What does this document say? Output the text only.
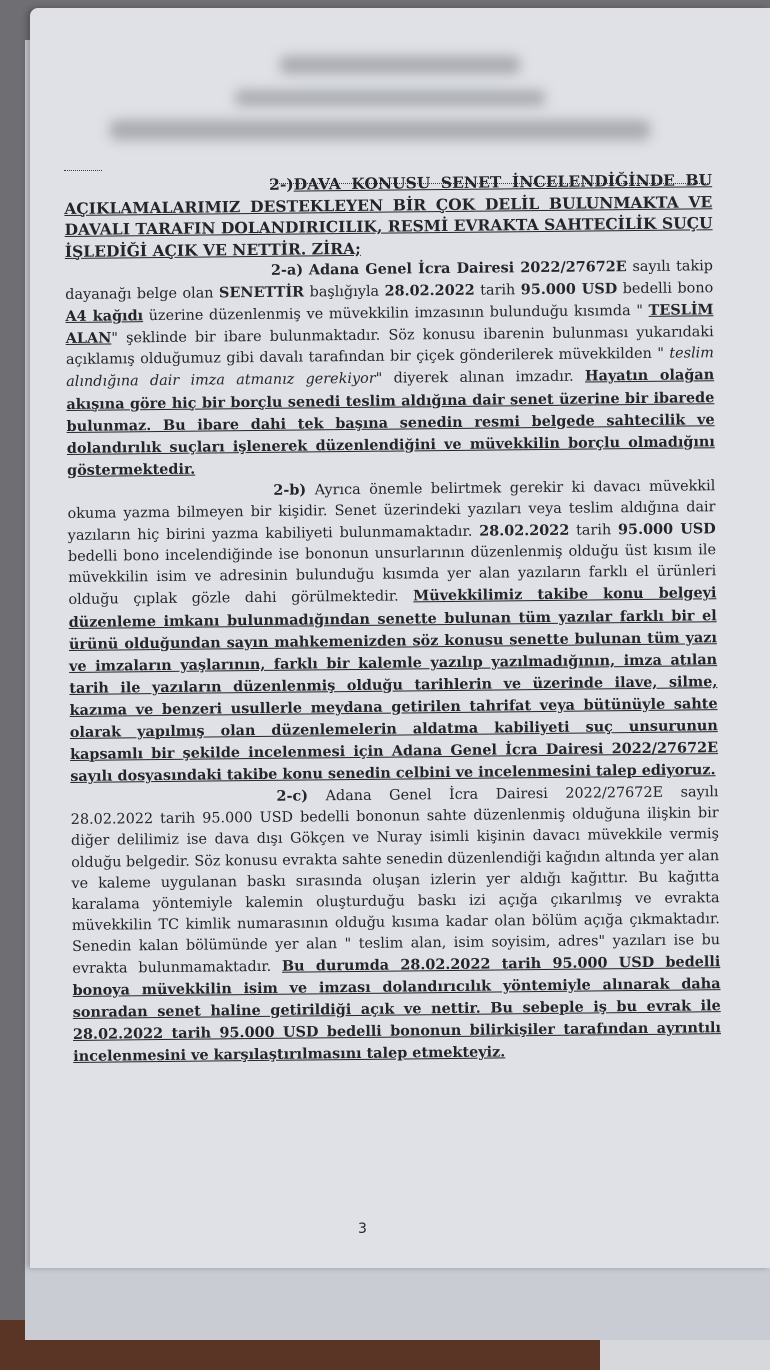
2-)DAVA KONUSU SENET İNCELENDİĞİNDE BU AÇIKLAMALARIMIZ DESTEKLEYEN BİR ÇOK DELİL BULUNMAKTA VE DAVALI TARAFIN DOLANDIRICILIK, RESMİ EVRAKTA SAHTECİLİK SUÇU İŞLEDİĞİ AÇIK VE NETTİR. ZİRA;

2-a) Adana Genel İcra Dairesi 2022/27672E sayılı takip dayanağı belge olan SENETTİR başlığıyla 28.02.2022 tarih 95.000 USD bedelli bono A4 kağıdı üzerine düzenlenmiş ve müvekkilin imzasının bulunduğu kısımda " TESLİM ALAN" şeklinde bir ibare bulunmaktadır. Söz konusu ibarenin bulunması yukarıdaki açıklamış olduğumuz gibi davalı tarafından bir çiçek gönderilerek müvekkilden " teslim alındığına dair imza atmanız gerekiyor" diyerek alınan imzadır. Hayatın olağan akışına göre hiç bir borçlu senedi teslim aldığına dair senet üzerine bir ibarede bulunmaz. Bu ibare dahi tek başına senedin resmi belgede sahtecilik ve dolandırılık suçları işlenerek düzenlendiğini ve müvekkilin borçlu olmadığını göstermektedir.

2-b) Ayrıca önemle belirtmek gerekir ki davacı müvekkil okuma yazma bilmeyen bir kişidir. Senet üzerindeki yazıları veya teslim aldığına dair yazıların hiç birini yazma kabiliyeti bulunmamaktadır. 28.02.2022 tarih 95.000 USD bedelli bono incelendiğinde ise bononun unsurlarının düzenlenmiş olduğu üst kısım ile müvekkilin isim ve adresinin bulunduğu kısımda yer alan yazıların farklı el ürünleri olduğu çıplak gözle dahi görülmektedir. Müvekkilimiz takibe konu belgeyi düzenleme imkanı bulunmadığından senette bulunan tüm yazılar farklı bir el ürünü olduğundan sayın mahkemenizden söz konusu senette bulunan tüm yazı ve imzaların yaşlarının, farklı bir kalemle yazılıp yazılmadığının, imza atılan tarih ile yazıların düzenlenmiş olduğu tarihlerin ve üzerinde ilave, silme, kazıma ve benzeri usullerle meydana getirilen tahrifat veya bütünüyle sahte olarak yapılmış olan düzenlemelerin aldatma kabiliyeti suç unsurunun kapsamlı bir şekilde incelenmesi için Adana Genel İcra Dairesi 2022/27672E sayılı dosyasındaki takibe konu senedin celbini ve incelenmesini talep ediyoruz.

2-c) Adana Genel İcra Dairesi 2022/27672E sayılı 28.02.2022 tarih 95.000 USD bedelli bononun sahte düzenlenmiş olduğuna ilişkin bir diğer delilimiz ise dava dışı Gökçen ve Nuray isimli kişinin davacı müvekkile vermiş olduğu belgedir. Söz konusu evrakta sahte senedin düzenlendiği kağıdın altında yer alan ve kaleme uygulanan baskı sırasında oluşan izlerin yer aldığı kağıttır. Bu kağıtta karalama yöntemiyle kalemin oluşturduğu baskı izi açığa çıkarılmış ve evrakta müvekkilin TC kimlik numarasının olduğu kısıma kadar olan bölüm açığa çıkmaktadır. Senedin kalan bölümünde yer alan " teslim alan, isim soyisim, adres" yazıları ise bu evrakta bulunmamaktadır. Bu durumda 28.02.2022 tarih 95.000 USD bedelli bonoya müvekkilin isim ve imzası dolandırıcılık yöntemiyle alınarak daha sonradan senet haline getirildiği açık ve nettir. Bu sebeple iş bu evrak ile 28.02.2022 tarih 95.000 USD bedelli bononun bilirkişiler tarafından ayrıntılı incelenmesini ve karşılaştırılmasını talep etmekteyiz.

3
